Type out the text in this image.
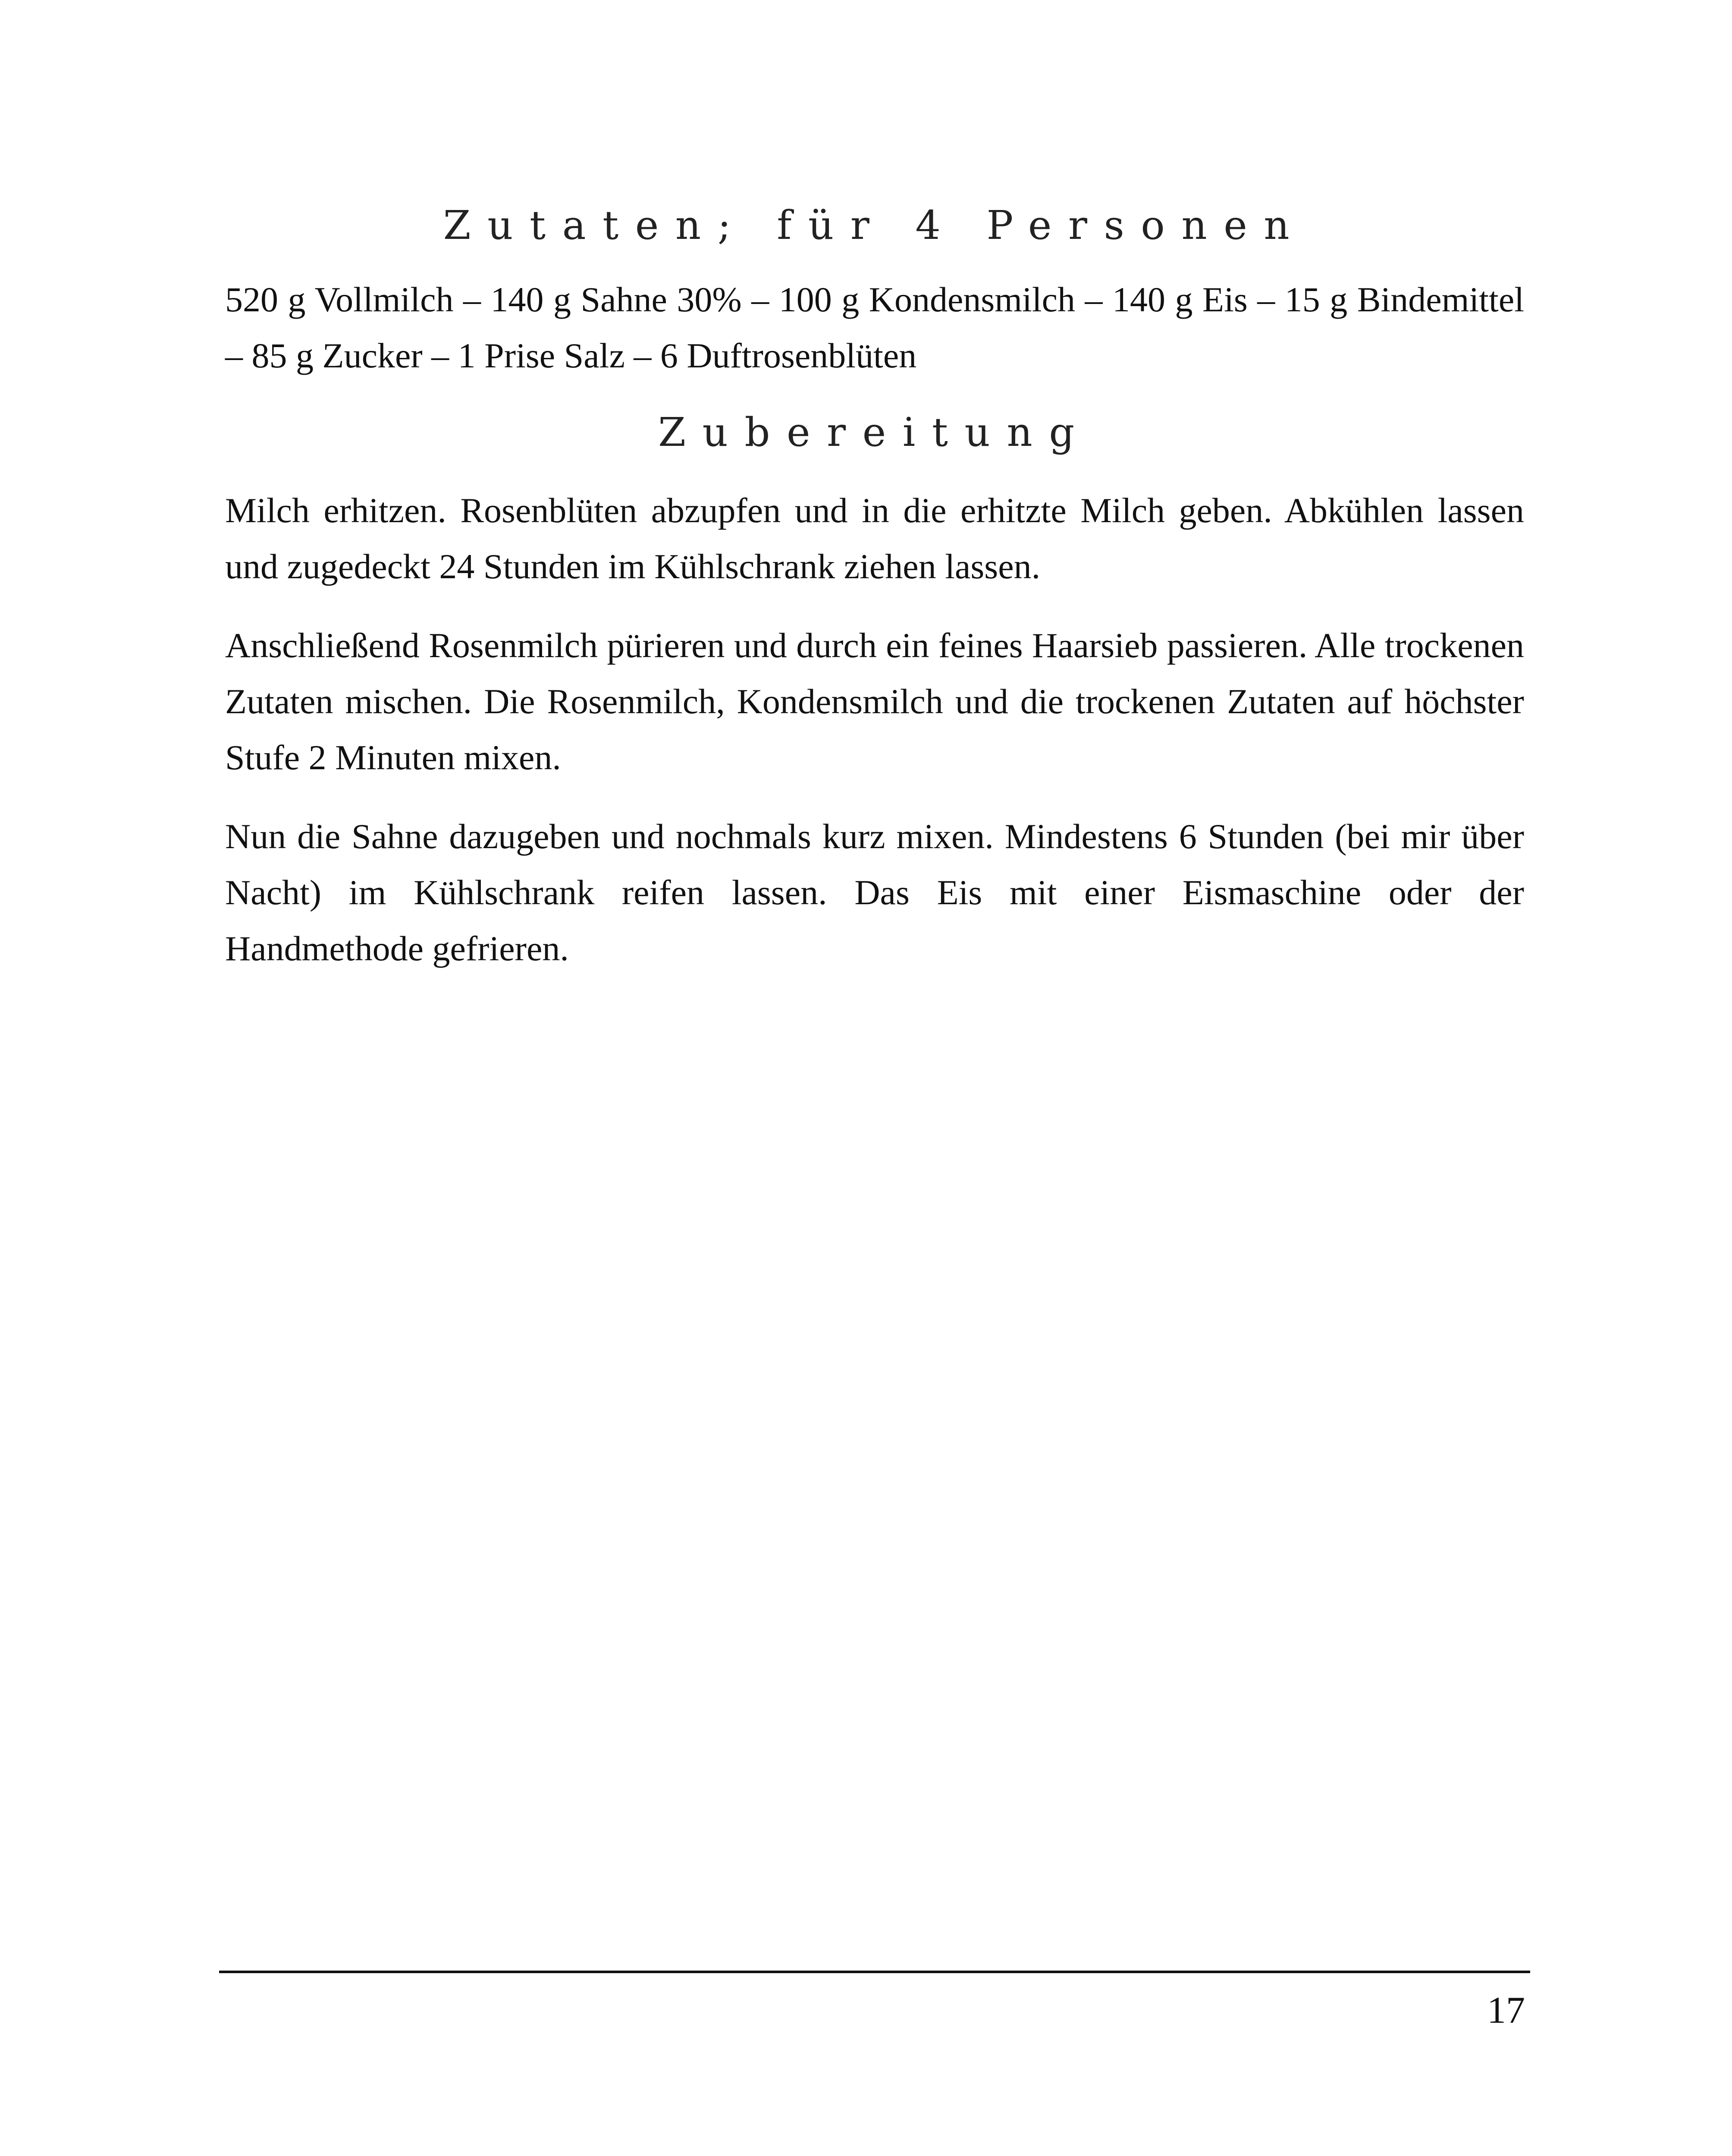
Zutaten; für 4 Personen

520 g Vollmilch – 140 g Sahne 30% – 100 g Kondensmilch – 140 g Eis – 15 g Bindemittel – 85 g Zucker – 1 Prise Salz – 6 Duftrosenblüten

Zubereitung

Milch erhitzen. Rosenblüten abzupfen und in die erhitzte Milch geben. Abkühlen lassen und zugedeckt 24 Stunden im Kühlschrank ziehen lassen.

Anschließend Rosenmilch pürieren und durch ein feines Haarsieb passieren. Alle trockenen Zutaten mischen. Die Rosenmilch, Kondensmilch und die trockenen Zutaten auf höchster Stufe 2 Minuten mixen.

Nun die Sahne dazugeben und nochmals kurz mixen. Mindestens 6 Stunden (bei mir über Nacht) im Kühlschrank reifen lassen. Das Eis mit einer Eismaschine oder der Handmethode gefrieren.

17
